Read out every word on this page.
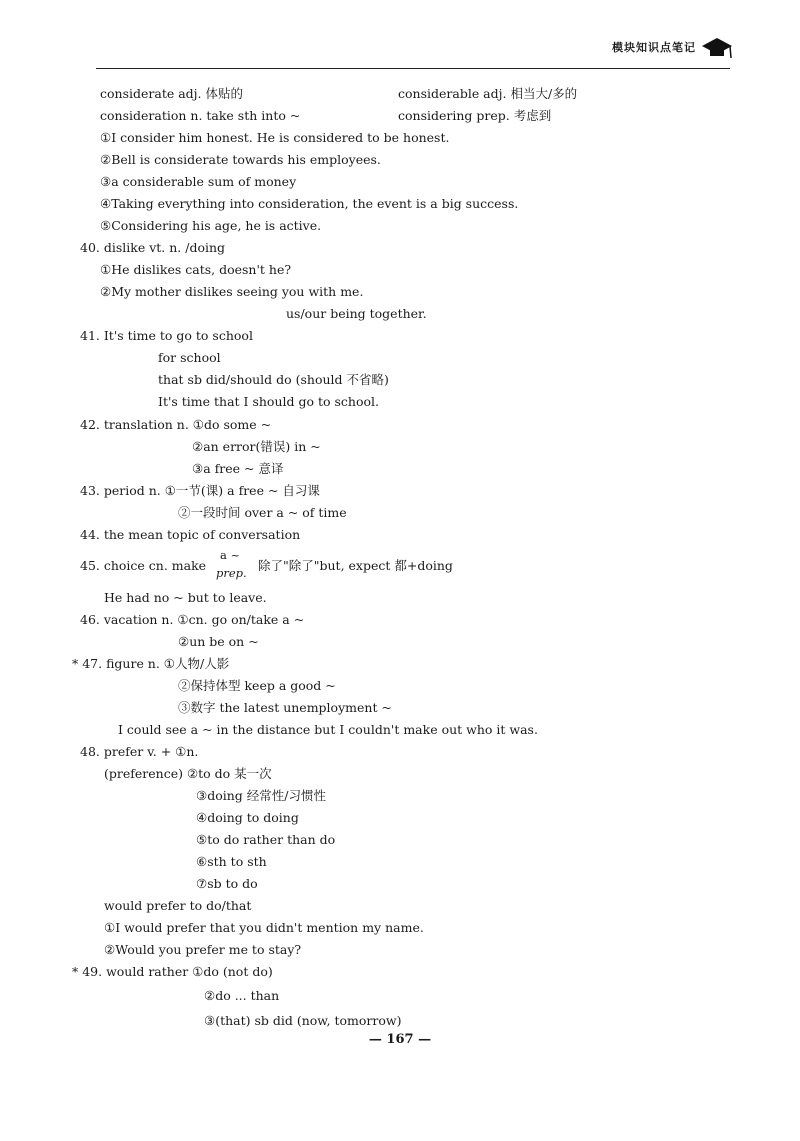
模块知识点笔记
considerate adj. 体贴的	considerable adj. 相当大/多的
consideration n. take sth into ~	considering prep. 考虑到
①I consider him honest. He is considered to be honest.
②Bell is considerate towards his employees.
③a considerable sum of money
④Taking everything into consideration, the event is a big success.
⑤Considering his age, he is active.
40. dislike vt. n. /doing
①He dislikes cats, doesn't he?
②My mother dislikes seeing you with me.
us/our being together.
41. It's time to go to school
for school
that sb did/should do (should 不省略)
It's time that I should go to school.
42. translation n. ①do some ~
②an error(错误) in ~
③a free ~ 意译
43. period n. ①一节(课) a free ~ 自习课
②一段时间 over a ~ of time
44. the mean topic of conversation
45. choice cn. make
a ~
prep. 除了"除了"but, expect 都+doing
He had no ~ but to leave.
46. vacation n. ①cn. go on/take a ~
②un be on ~
* 47. figure n. ①人物/人影
②保持体型 keep a good ~
③数字 the latest unemployment ~
I could see a ~ in the distance but I couldn't make out who it was.
48. prefer v. + ①n.
(preference) ②to do 某一次
③doing 经常性/习惯性
④doing to doing
⑤to do rather than do
⑥sth to sth
⑦sb to do
would prefer to do/that
①I would prefer that you didn't mention my name.
②Would you prefer me to stay?
* 49. would rather ①do (not do)
②do ... than
③(that) sb did (now, tomorrow)
— 167 —
